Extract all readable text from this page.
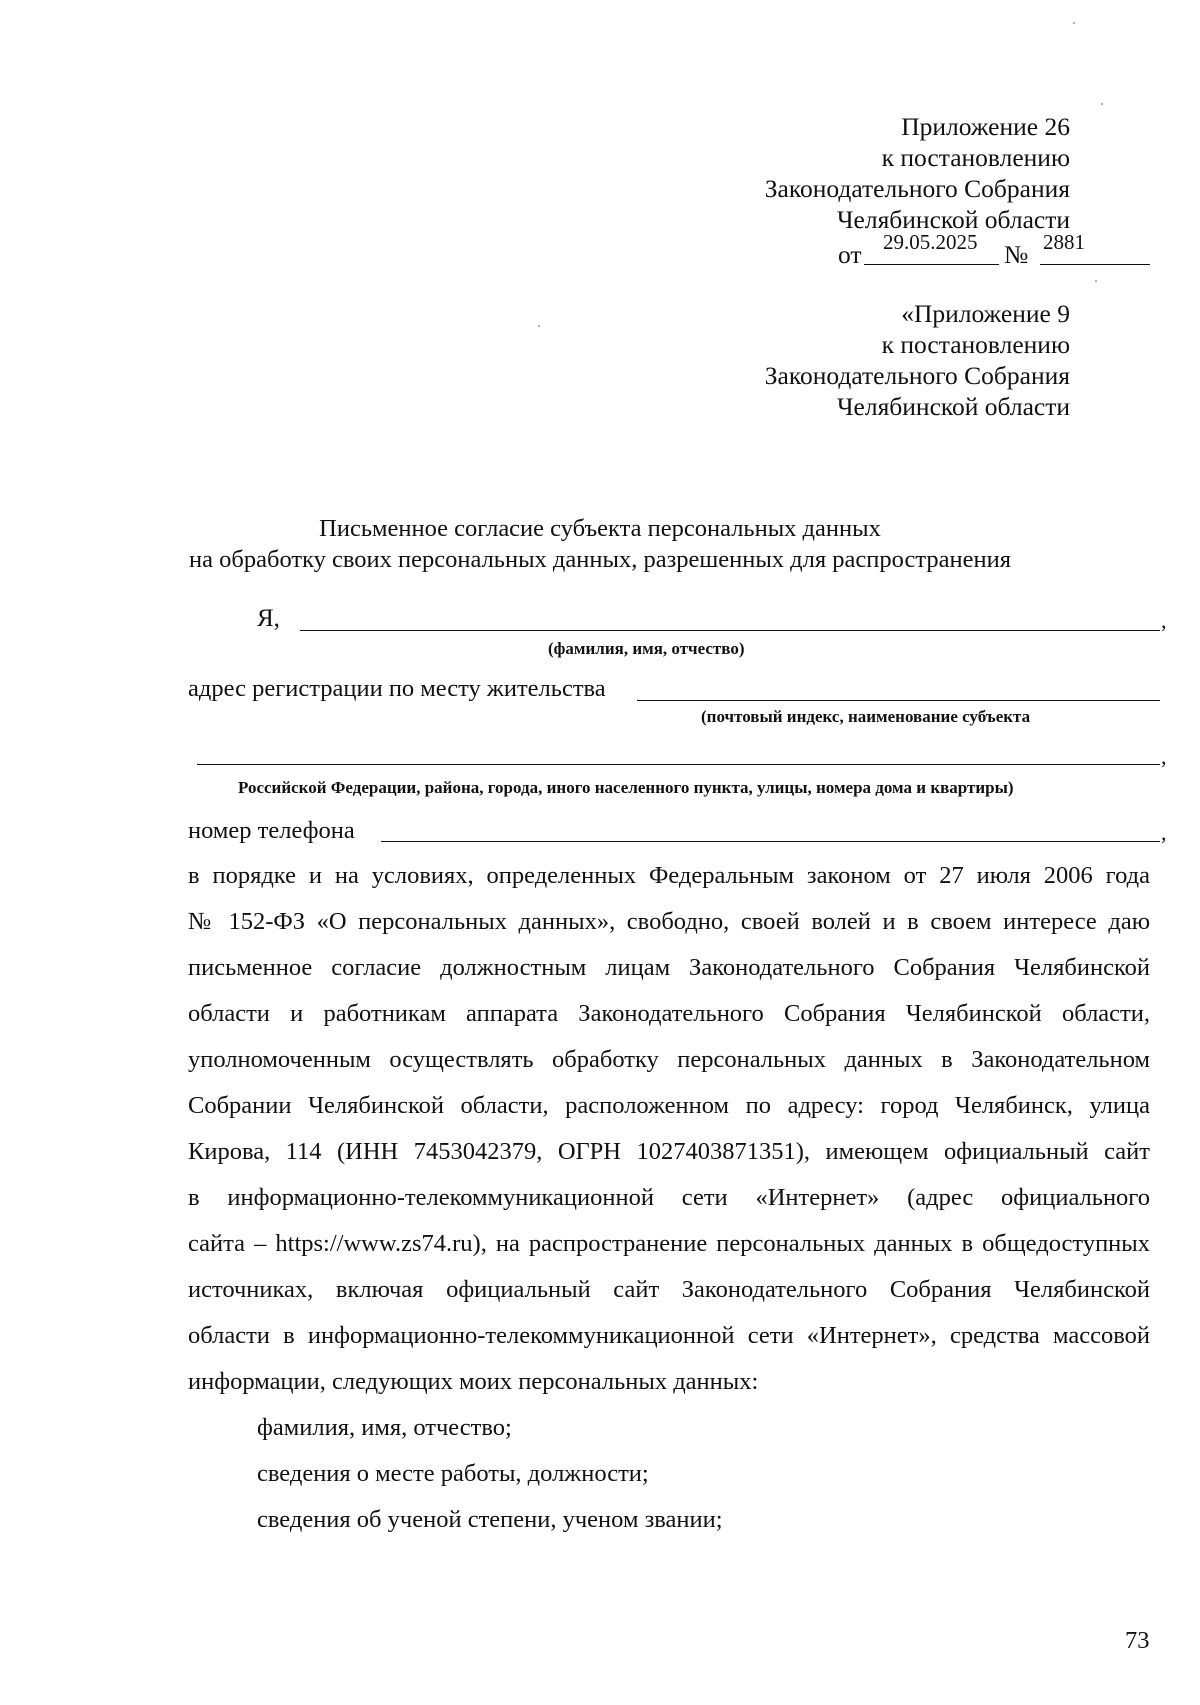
Приложение 26
к постановлению
Законодательного Собрания
Челябинской области
от 29.05.2025 № 2881
«Приложение 9
к постановлению
Законодательного Собрания
Челябинской области
Письменное согласие субъекта персональных данных
на обработку своих персональных данных, разрешенных для распространения
Я,	,
(фамилия, имя, отчество)
адрес регистрации по месту жительства
(почтовый индекс, наименование субъекта
,
Российской Федерации, района, города, иного населенного пункта, улицы, номера дома и квартиры)
номер телефона	,
в порядке и на условиях, определенных Федеральным законом от 27 июля 2006 года
№ 152-ФЗ «О персональных данных», свободно, своей волей и в своем интересе даю
письменное согласие должностным лицам Законодательного Собрания Челябинской
области и работникам аппарата Законодательного Собрания Челябинской области,
уполномоченным осуществлять обработку персональных данных в Законодательном
Собрании Челябинской области, расположенном по адресу: город Челябинск, улица
Кирова, 114 (ИНН 7453042379, ОГРН 1027403871351), имеющем официальный сайт
в информационно-телекоммуникационной сети «Интернет» (адрес официального
сайта – https://www.zs74.ru), на распространение персональных данных в общедоступных
источниках, включая официальный сайт Законодательного Собрания Челябинской
области в информационно-телекоммуникационной сети «Интернет», средства массовой
информации, следующих моих персональных данных:
фамилия, имя, отчество;
сведения о месте работы, должности;
сведения об ученой степени, ученом звании;
73
